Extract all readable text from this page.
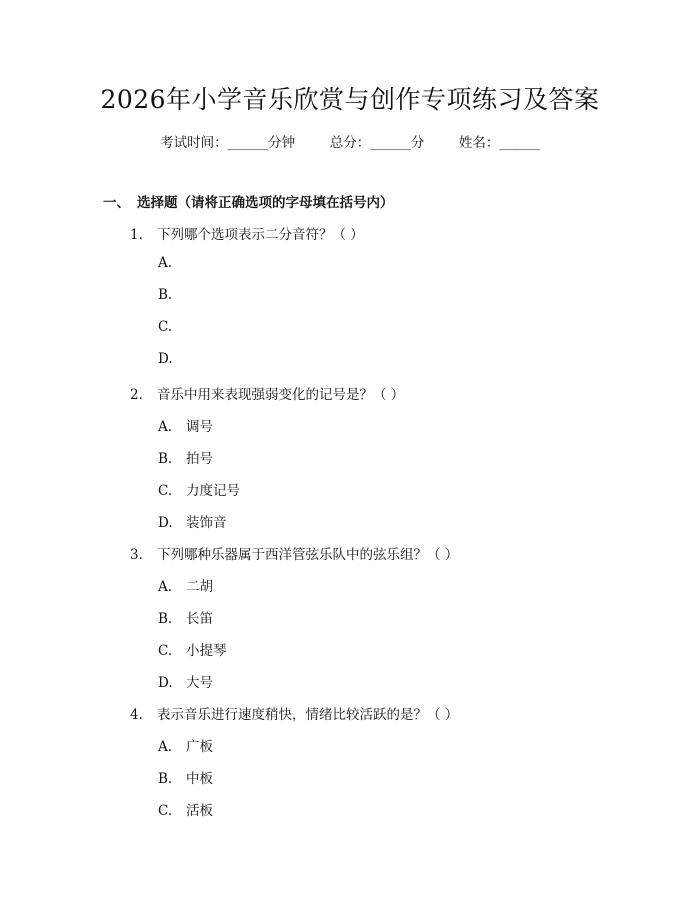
2026年小学音乐欣赏与创作专项练习及答案
考试时间：______分钟	总分：______分	姓名：______
一、 选择题（请将正确选项的字母填在括号内）
1. 下列哪个选项表示二分音符？（ ）
A.
B.
C.
D.
2. 音乐中用来表现强弱变化的记号是？（ ）
A. 调号
B. 拍号
C. 力度记号
D. 装饰音
3. 下列哪种乐器属于西洋管弦乐队中的弦乐组？（ ）
A. 二胡
B. 长笛
C. 小提琴
D. 大号
4. 表示音乐进行速度稍快，情绪比较活跃的是？（ ）
A. 广板
B. 中板
C. 活板
